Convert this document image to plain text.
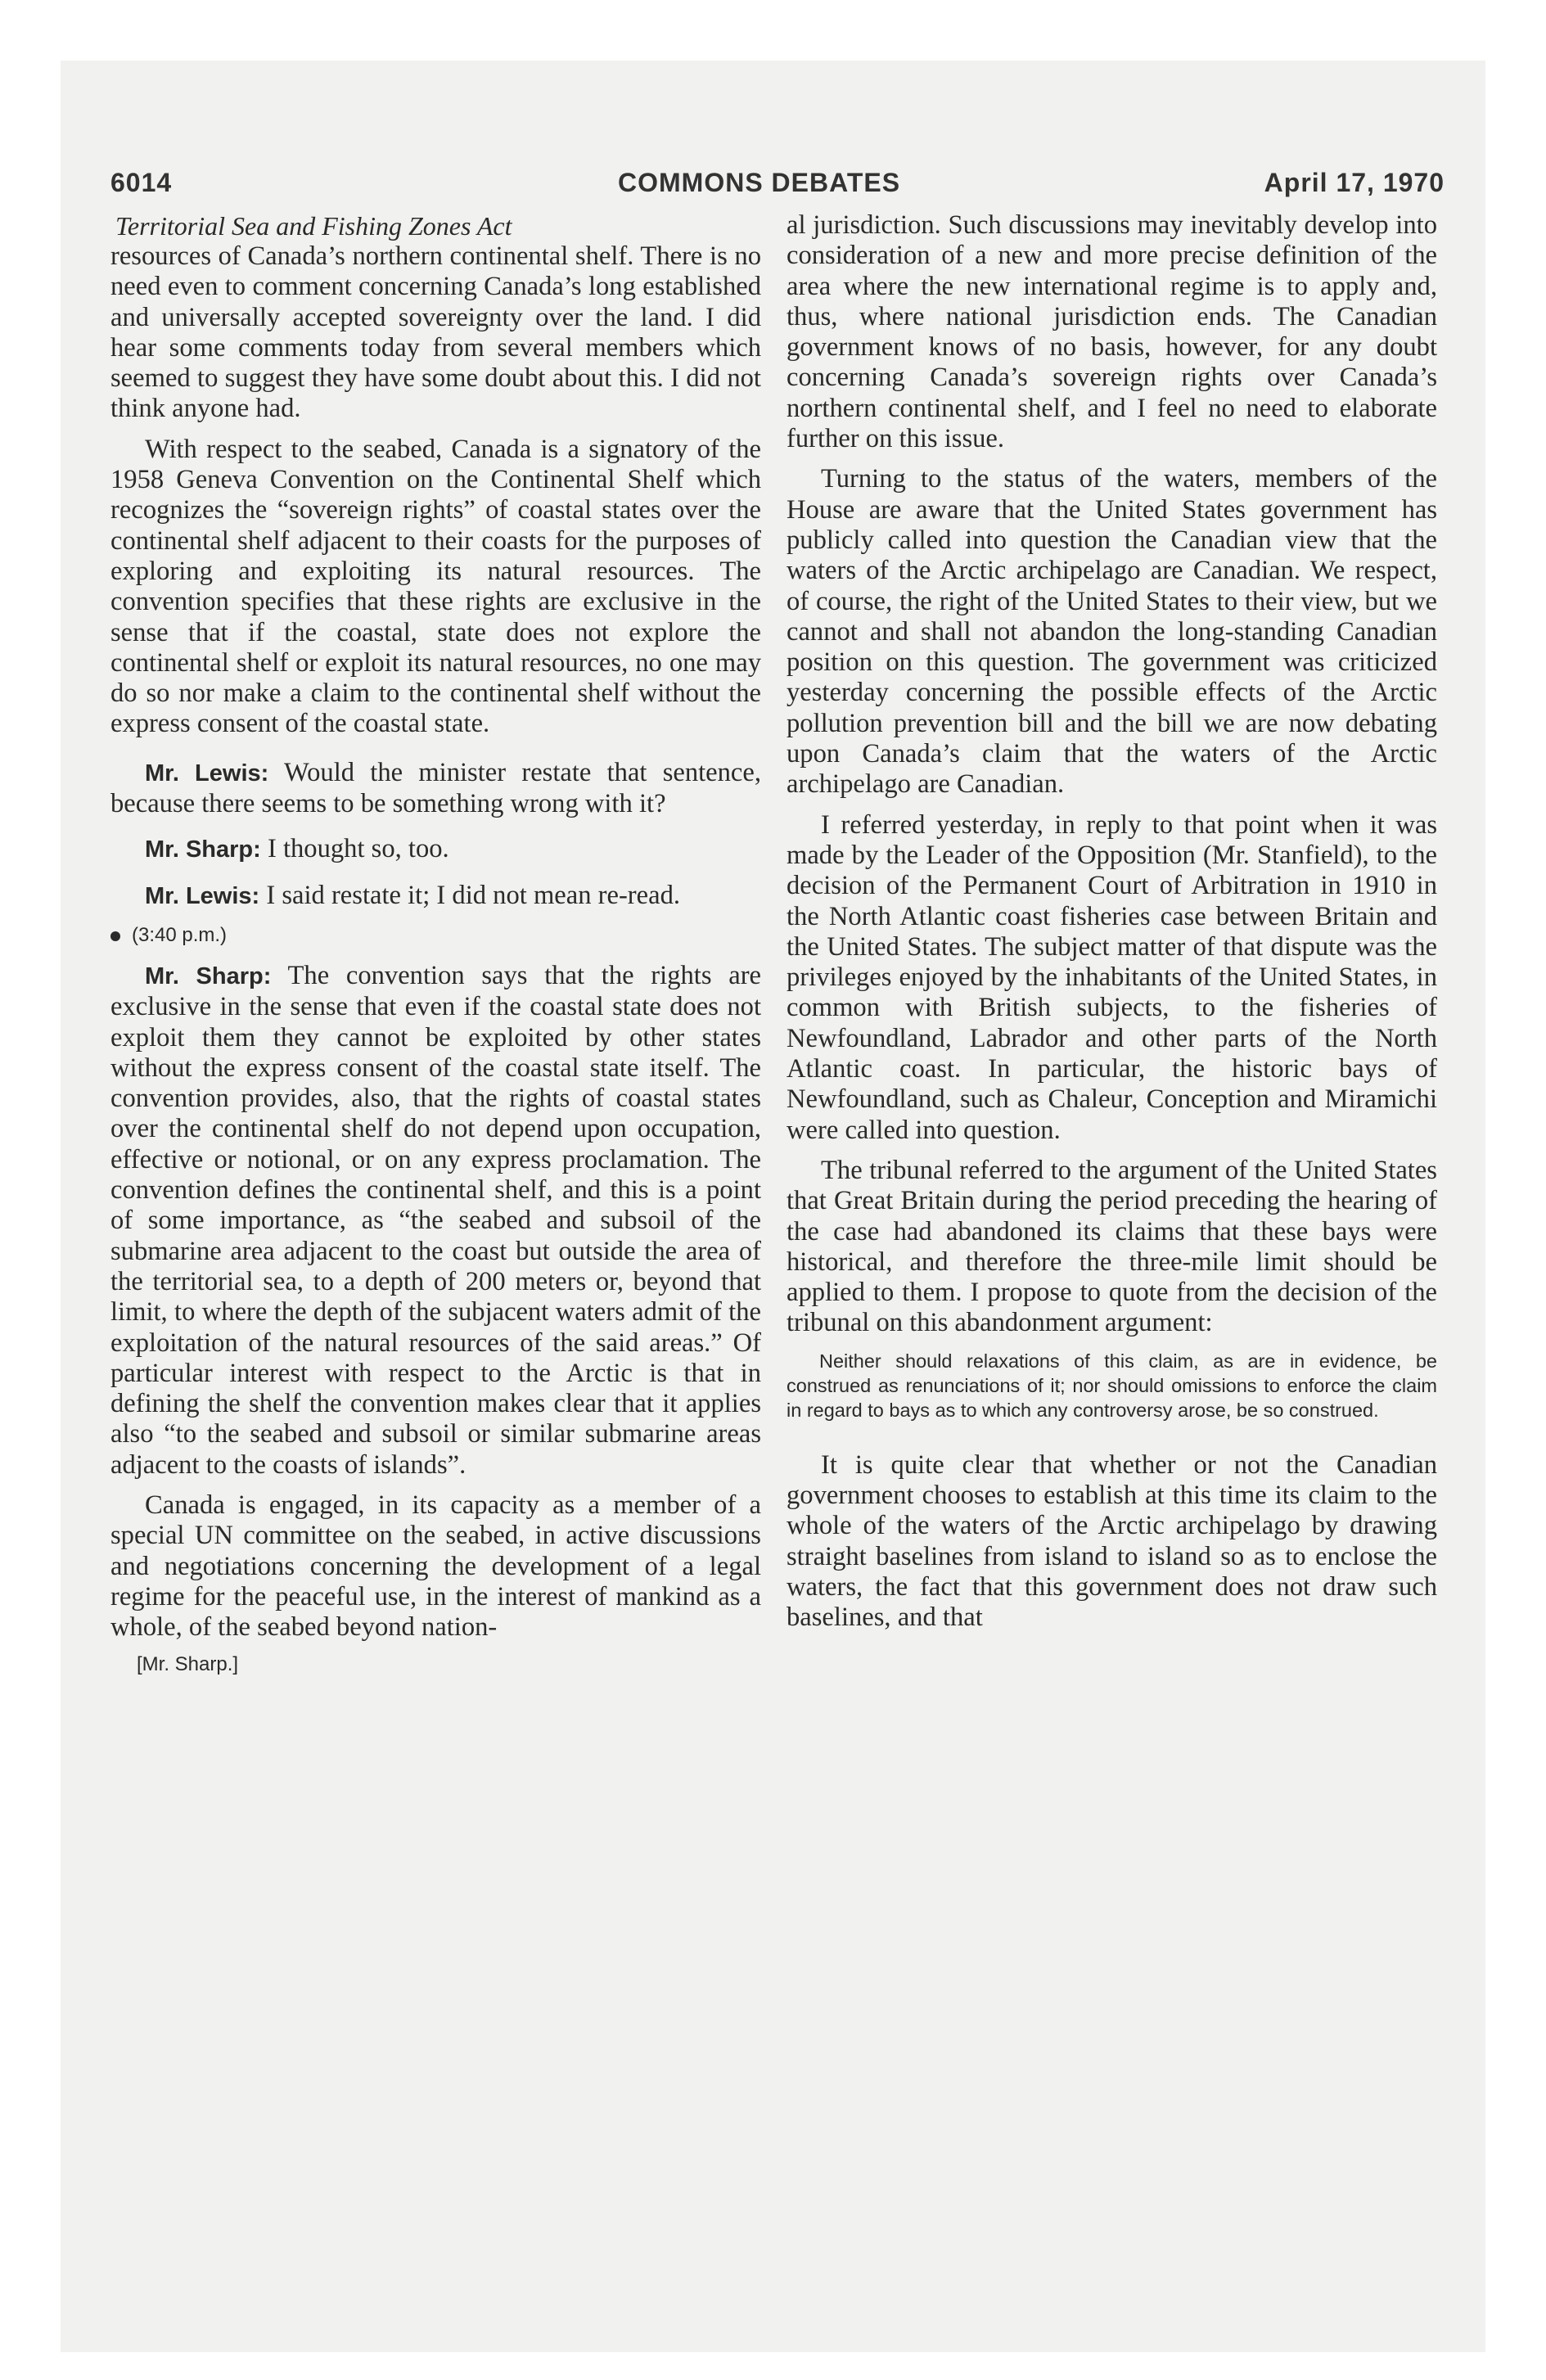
6014	COMMONS DEBATES	April 17, 1970
Territorial Sea and Fishing Zones Act

resources of Canada’s northern continental shelf. There is no need even to comment concerning Canada’s long established and universally accepted sovereignty over the land. I did hear some comments today from several members which seemed to suggest they have some doubt about this. I did not think anyone had.

With respect to the seabed, Canada is a signatory of the 1958 Geneva Convention on the Continental Shelf which recognizes the “sovereign rights” of coastal states over the continental shelf adjacent to their coasts for the purposes of exploring and exploiting its natural resources. The convention specifies that these rights are exclusive in the sense that if the coastal, state does not explore the continental shelf or exploit its natural resources, no one may do so nor make a claim to the continental shelf without the express consent of the coastal state.

Mr. Lewis: Would the minister restate that sentence, because there seems to be something wrong with it?

Mr. Sharp: I thought so, too.

Mr. Lewis: I said restate it; I did not mean re-read.

(3:40 p.m.)

Mr. Sharp: The convention says that the rights are exclusive in the sense that even if the coastal state does not exploit them they cannot be exploited by other states without the express consent of the coastal state itself. The convention provides, also, that the rights of coastal states over the continental shelf do not depend upon occupation, effective or notional, or on any express proclamation. The convention defines the continental shelf, and this is a point of some importance, as “the seabed and subsoil of the submarine area adjacent to the coast but outside the area of the territorial sea, to a depth of 200 meters or, beyond that limit, to where the depth of the subjacent waters admit of the exploitation of the natural resources of the said areas.” Of particular interest with respect to the Arctic is that in defining the shelf the convention makes clear that it applies also “to the seabed and subsoil or similar submarine areas adjacent to the coasts of islands”.

Canada is engaged, in its capacity as a member of a special UN committee on the seabed, in active discussions and negotiations concerning the development of a legal regime for the peaceful use, in the interest of mankind as a whole, of the seabed beyond nation-

[Mr. Sharp.]

al jurisdiction. Such discussions may inevitably develop into consideration of a new and more precise definition of the area where the new international regime is to apply and, thus, where national jurisdiction ends. The Canadian government knows of no basis, however, for any doubt concerning Canada’s sovereign rights over Canada’s northern continental shelf, and I feel no need to elaborate further on this issue.

Turning to the status of the waters, members of the House are aware that the United States government has publicly called into question the Canadian view that the waters of the Arctic archipelago are Canadian. We respect, of course, the right of the United States to their view, but we cannot and shall not abandon the long-standing Canadian position on this question. The government was criticized yesterday concerning the possible effects of the Arctic pollution prevention bill and the bill we are now debating upon Canada’s claim that the waters of the Arctic archipelago are Canadian.

I referred yesterday, in reply to that point when it was made by the Leader of the Opposition (Mr. Stanfield), to the decision of the Permanent Court of Arbitration in 1910 in the North Atlantic coast fisheries case between Britain and the United States. The subject matter of that dispute was the privileges enjoyed by the inhabitants of the United States, in common with British subjects, to the fisheries of Newfoundland, Labrador and other parts of the North Atlantic coast. In particular, the historic bays of Newfoundland, such as Chaleur, Conception and Miramichi were called into question.

The tribunal referred to the argument of the United States that Great Britain during the period preceding the hearing of the case had abandoned its claims that these bays were historical, and therefore the three-mile limit should be applied to them. I propose to quote from the decision of the tribunal on this abandonment argument:

Neither should relaxations of this claim, as are in evidence, be construed as renunciations of it; nor should omissions to enforce the claim in regard to bays as to which any controversy arose, be so construed.

It is quite clear that whether or not the Canadian government chooses to establish at this time its claim to the whole of the waters of the Arctic archipelago by drawing straight baselines from island to island so as to enclose the waters, the fact that this government does not draw such baselines, and that
